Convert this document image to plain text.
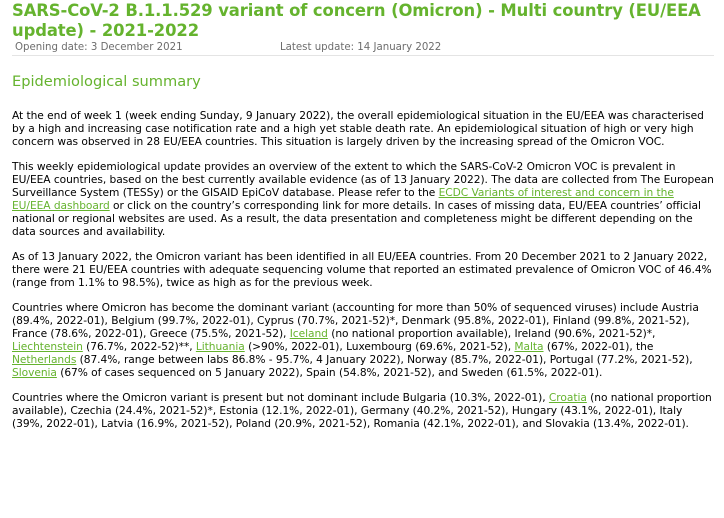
SARS-CoV-2 B.1.1.529 variant of concern (Omicron) - Multi country (EU/EEA update) - 2021-2022
Opening date: 3 December 2021	Latest update: 14 January 2022
Epidemiological summary

At the end of week 1 (week ending Sunday, 9 January 2022), the overall epidemiological situation in the EU/EEA was characterised by a high and increasing case notification rate and a high yet stable death rate. An epidemiological situation of high or very high concern was observed in 28 EU/EEA countries. This situation is largely driven by the increasing spread of the Omicron VOC.

This weekly epidemiological update provides an overview of the extent to which the SARS-CoV-2 Omicron VOC is prevalent in EU/EEA countries, based on the best currently available evidence (as of 13 January 2022). The data are collected from The European Surveillance System (TESSy) or the GISAID EpiCoV database. Please refer to the ECDC Variants of interest and concern in the EU/EEA dashboard or click on the country’s corresponding link for more details. In cases of missing data, EU/EEA countries’ official national or regional websites are used. As a result, the data presentation and completeness might be different depending on the data sources and availability.

As of 13 January 2022, the Omicron variant has been identified in all EU/EEA countries. From 20 December 2021 to 2 January 2022, there were 21 EU/EEA countries with adequate sequencing volume that reported an estimated prevalence of Omicron VOC of 46.4% (range from 1.1% to 98.5%), twice as high as for the previous week.

Countries where Omicron has become the dominant variant (accounting for more than 50% of sequenced viruses) include Austria (89.4%, 2022-01), Belgium (99.7%, 2022-01), Cyprus (70.7%, 2021-52)*, Denmark (95.8%, 2022-01), Finland (99.8%, 2021-52), France (78.6%, 2022-01), Greece (75.5%, 2021-52), Iceland (no national proportion available), Ireland (90.6%, 2021-52)*, Liechtenstein (76.7%, 2022-52)**, Lithuania (>90%, 2022-01), Luxembourg (69.6%, 2021-52), Malta (67%, 2022-01), the Netherlands (87.4%, range between labs 86.8% - 95.7%, 4 January 2022), Norway (85.7%, 2022-01), Portugal (77.2%, 2021-52), Slovenia (67% of cases sequenced on 5 January 2022), Spain (54.8%, 2021-52), and Sweden (61.5%, 2022-01).

Countries where the Omicron variant is present but not dominant include Bulgaria (10.3%, 2022-01), Croatia (no national proportion available), Czechia (24.4%, 2021-52)*, Estonia (12.1%, 2022-01), Germany (40.2%, 2021-52), Hungary (43.1%, 2022-01), Italy (39%, 2022-01), Latvia (16.9%, 2021-52), Poland (20.9%, 2021-52), Romania (42.1%, 2022-01), and Slovakia (13.4%, 2022-01).
